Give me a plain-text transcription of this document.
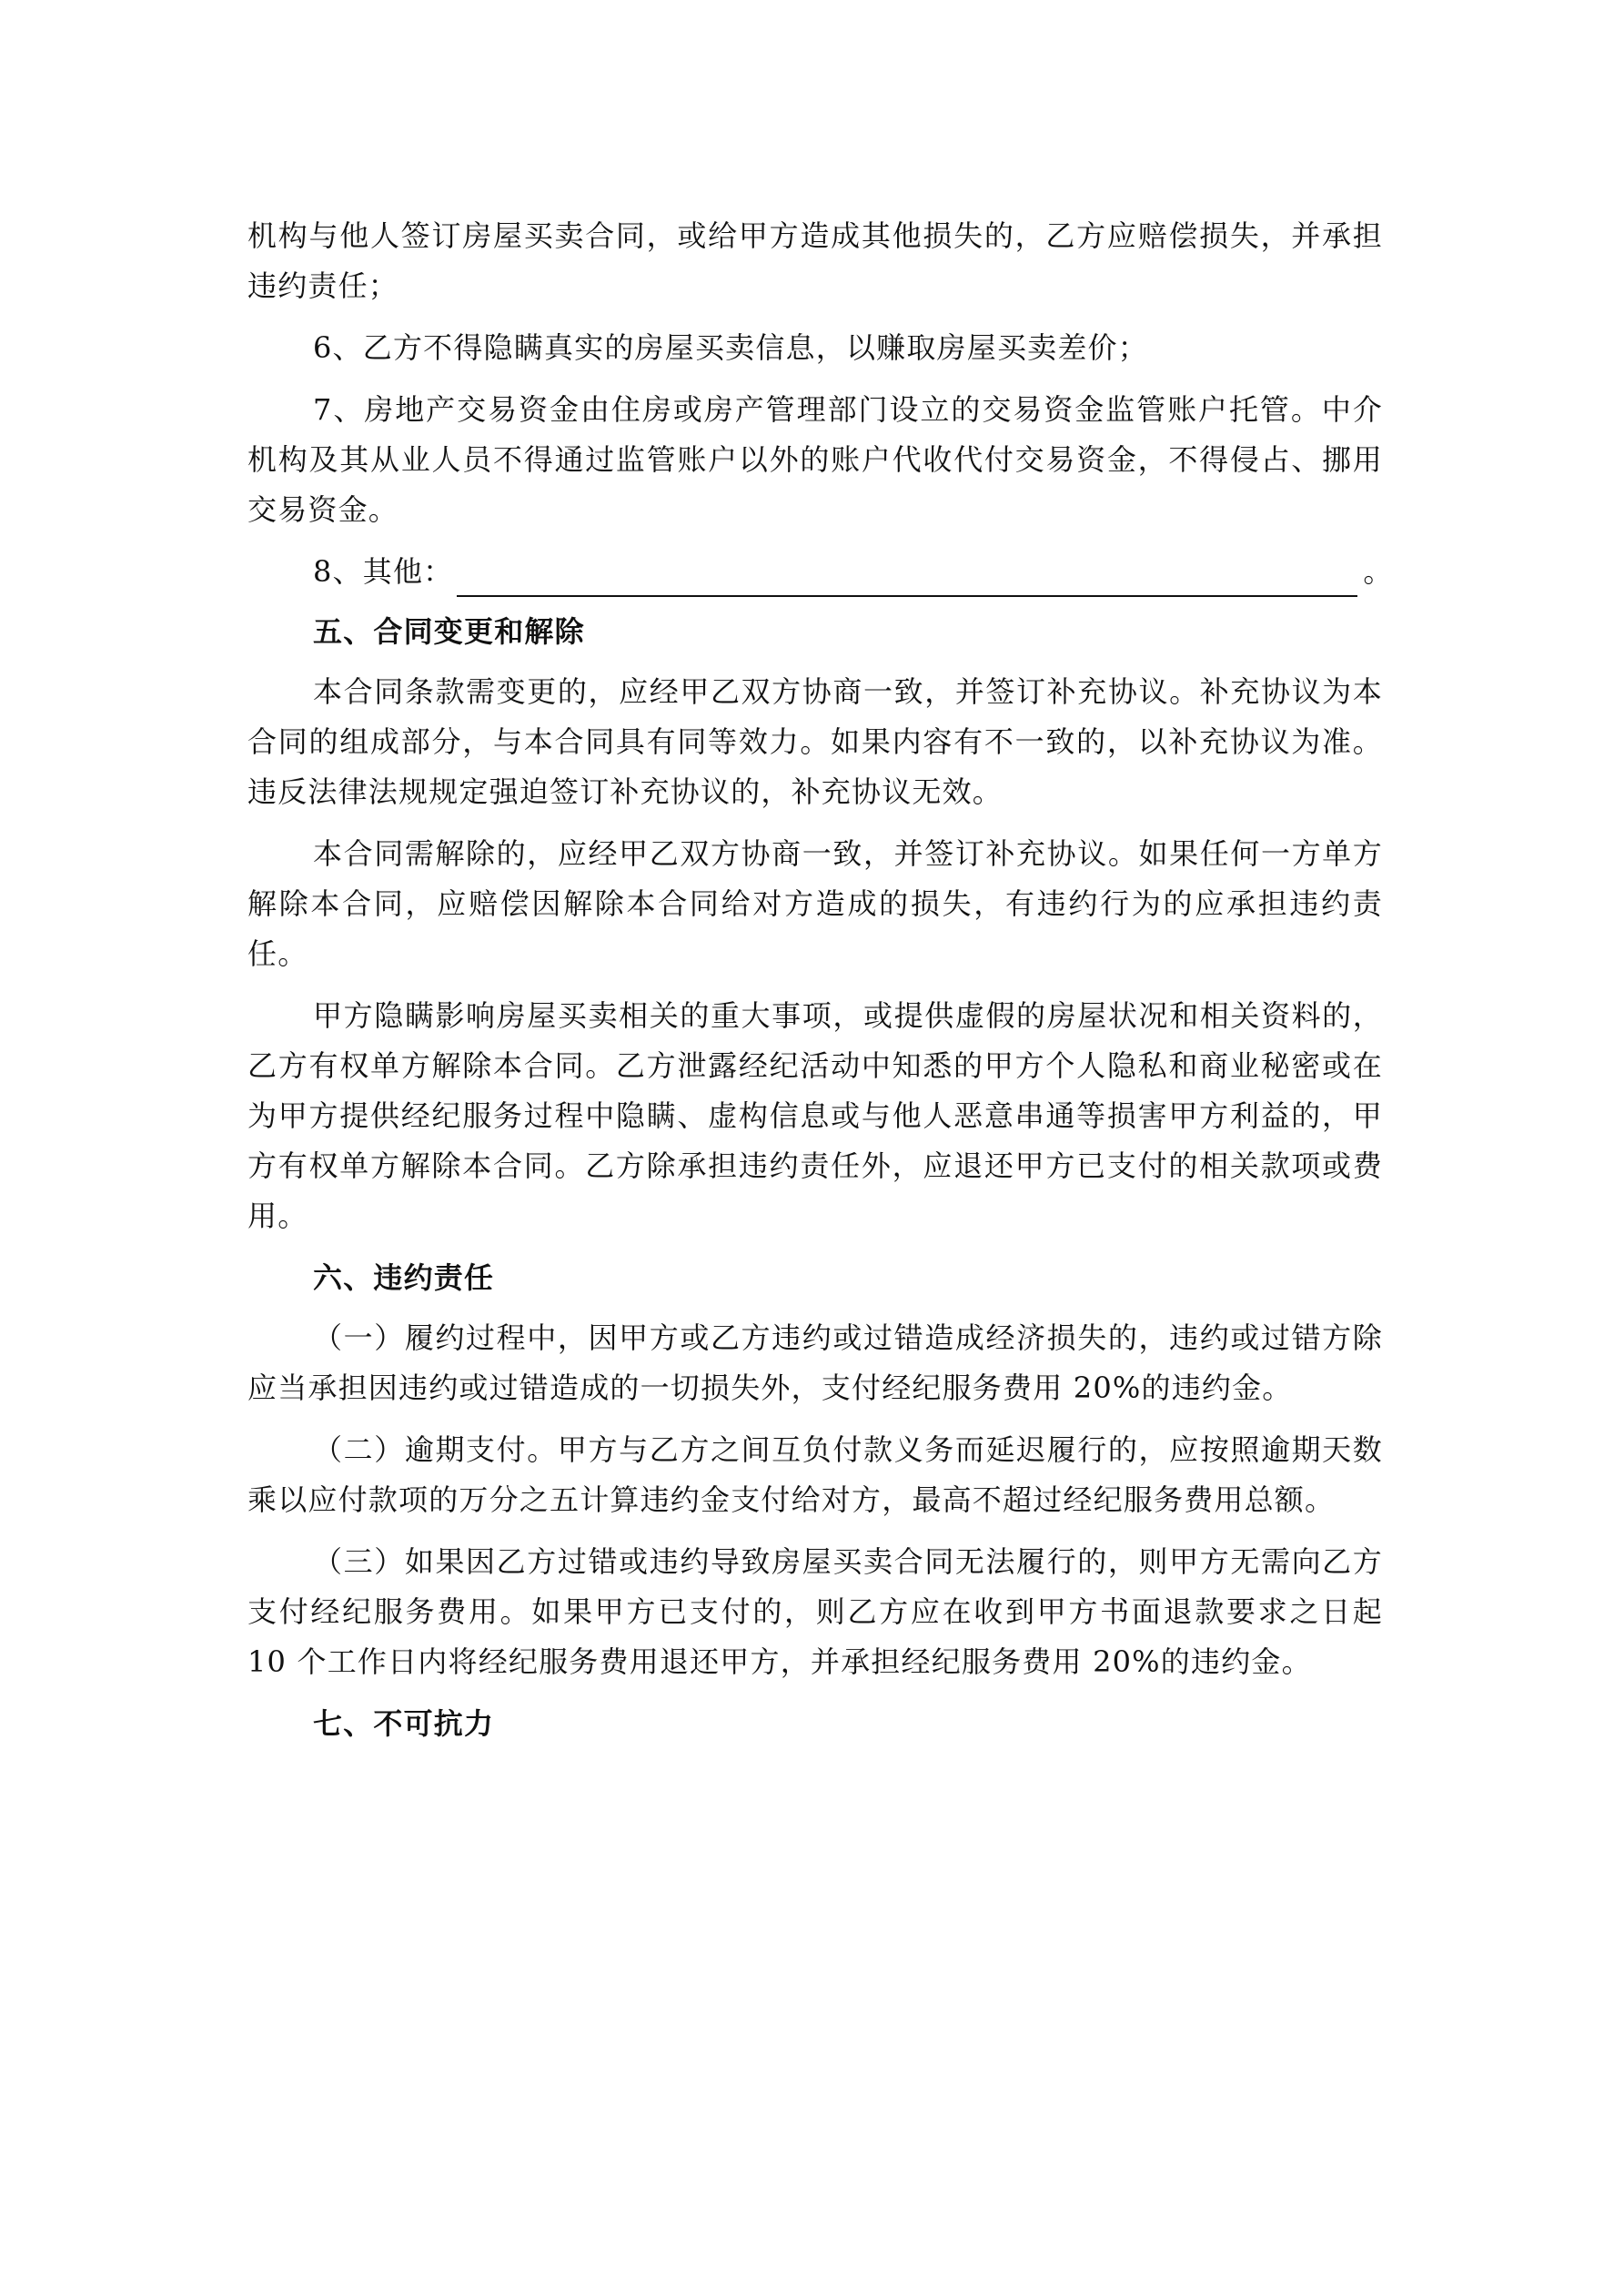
机构与他人签订房屋买卖合同，或给甲方造成其他损失的，乙方应赔偿损失，并承担违约责任；

6、乙方不得隐瞒真实的房屋买卖信息，以赚取房屋买卖差价；

7、房地产交易资金由住房或房产管理部门设立的交易资金监管账户托管。中介机构及其从业人员不得通过监管账户以外的账户代收代付交易资金，不得侵占、挪用交易资金。

8、其他：	。

五、合同变更和解除

本合同条款需变更的，应经甲乙双方协商一致，并签订补充协议。补充协议为本合同的组成部分，与本合同具有同等效力。如果内容有不一致的，以补充协议为准。违反法律法规规定强迫签订补充协议的，补充协议无效。

本合同需解除的，应经甲乙双方协商一致，并签订补充协议。如果任何一方单方解除本合同，应赔偿因解除本合同给对方造成的损失，有违约行为的应承担违约责任。

甲方隐瞒影响房屋买卖相关的重大事项，或提供虚假的房屋状况和相关资料的，乙方有权单方解除本合同。乙方泄露经纪活动中知悉的甲方个人隐私和商业秘密或在为甲方提供经纪服务过程中隐瞒、虚构信息或与他人恶意串通等损害甲方利益的，甲方有权单方解除本合同。乙方除承担违约责任外，应退还甲方已支付的相关款项或费用。

六、违约责任

（一）履约过程中，因甲方或乙方违约或过错造成经济损失的，违约或过错方除应当承担因违约或过错造成的一切损失外，支付经纪服务费用 20%的违约金。

（二）逾期支付。甲方与乙方之间互负付款义务而延迟履行的，应按照逾期天数乘以应付款项的万分之五计算违约金支付给对方，最高不超过经纪服务费用总额。

（三）如果因乙方过错或违约导致房屋买卖合同无法履行的，则甲方无需向乙方支付经纪服务费用。如果甲方已支付的，则乙方应在收到甲方书面退款要求之日起 10 个工作日内将经纪服务费用退还甲方，并承担经纪服务费用 20%的违约金。

七、不可抗力
